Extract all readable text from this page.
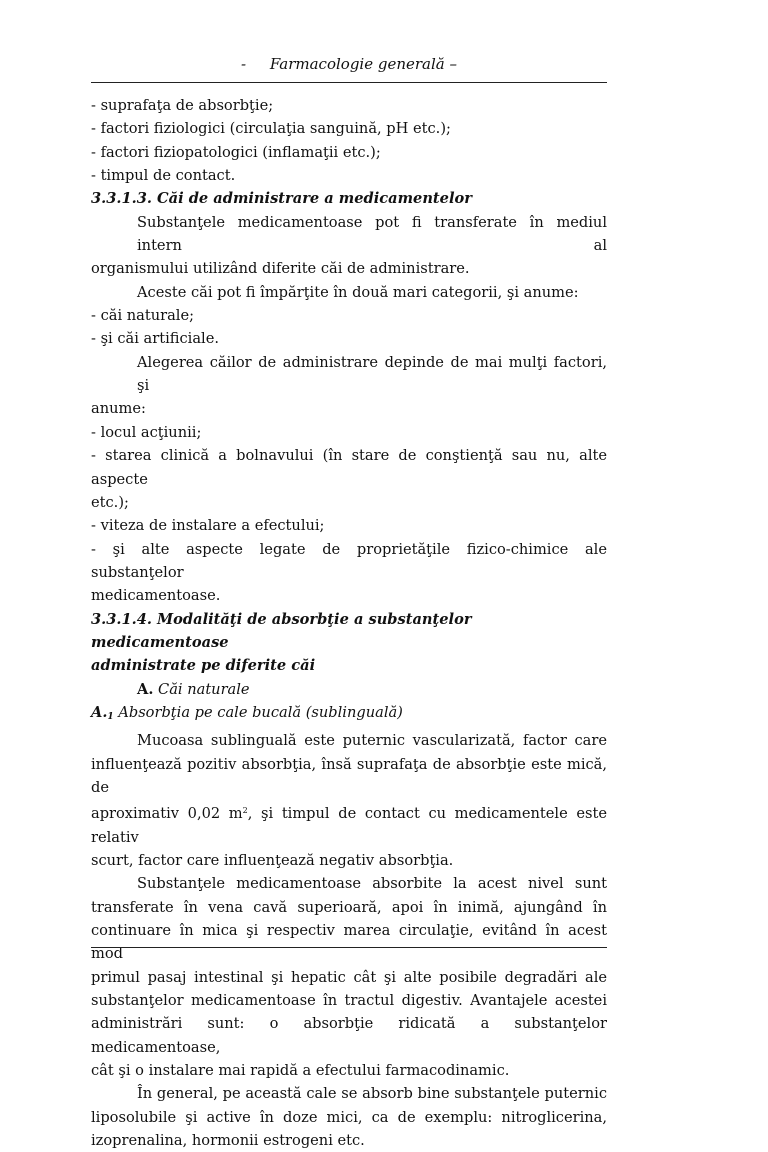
- Farmacologie generală –
- suprafaţa de absorbţie;
- factori fiziologici (circulaţia sanguină, pH etc.);
- factori fiziopatologici (inflamaţii etc.);
- timpul de contact.
3.3.1.3. Căi de administrare a medicamentelor
Substanţele medicamentoase pot fi transferate în mediul intern al
organismului utilizând diferite căi de administrare.
Aceste căi pot fi împărţite în două mari categorii, şi anume:
- căi naturale;
- şi căi artificiale.
Alegerea căilor de administrare depinde de mai mulţi factori, şi
anume:
- locul acţiunii;
- starea clinică a bolnavului (în stare de conştienţă sau nu, alte aspecte
etc.);
- viteza de instalare a efectului;
- şi alte aspecte legate de proprietăţile fizico-chimice ale substanţelor
medicamentoase.
3.3.1.4. Modalităţi de absorbţie a substanţelor medicamentoase
administrate pe diferite căi
A. Căi naturale
A.1 Absorbţia pe cale bucală (sublinguală)
Mucoasa sublinguală este puternic vascularizată, factor care
influenţează pozitiv absorbţia, însă suprafaţa de absorbţie este mică, de
aproximativ 0,02 $m^2$, şi timpul de contact cu medicamentele este relativ
scurt, factor care influenţează negativ absorbţia.
Substanţele medicamentoase absorbite la acest nivel sunt
transferate în vena cavă superioară, apoi în inimă, ajungând în
continuare în mica şi respectiv marea circulaţie, evitând în acest mod
primul pasaj intestinal şi hepatic cât şi alte posibile degradări ale
substanţelor medicamentoase în tractul digestiv. Avantajele acestei
administrări sunt: o absorbţie ridicată a substanţelor medicamentoase,
cât şi o instalare mai rapidă a efectului farmacodinamic.
În general, pe această cale se absorb bine substanţele puternic
liposolubile şi active în doze mici, ca de exemplu: nitroglicerina,
izoprenalina, hormonii estrogeni etc.
